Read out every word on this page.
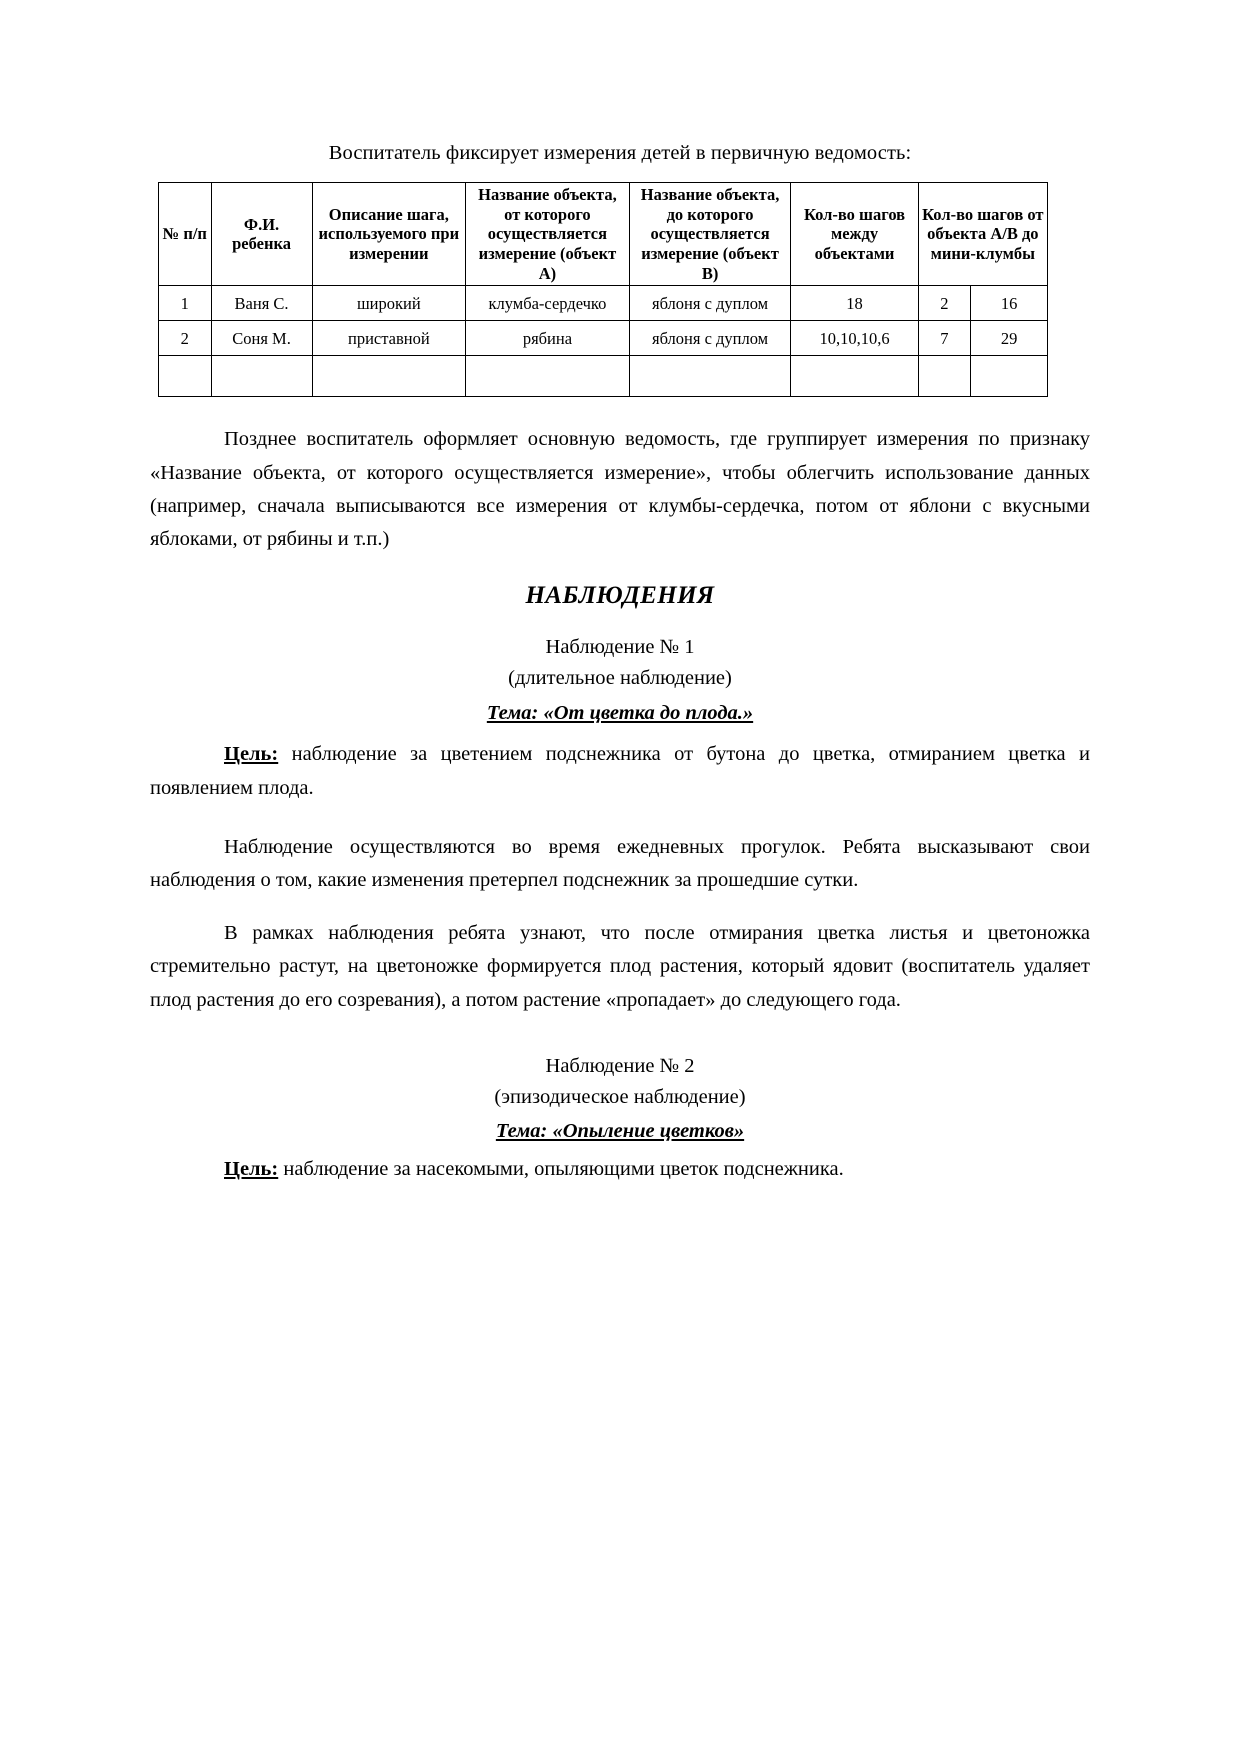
Воспитатель фиксирует измерения детей в первичную ведомость:

№ п/п	Ф.И. ребенка	Описание шага, используемого при измерении	Название объекта, от которого осуществляется измерение (объект А)	Название объекта, до которого осуществляется измерение (объект В)	Кол-во шагов между объектами	Кол-во шагов от объекта А/В до мини-клумбы	
1	Ваня С.	широкий	клумба-сердечко	яблоня с дуплом	18	2	16
2	Соня М.	приставной	рябина	яблоня с дуплом	10,10,10,6	7	29

Позднее воспитатель оформляет основную ведомость, где группирует измерения по признаку «Название объекта, от которого осуществляется измерение», чтобы облегчить использование данных (например, сначала выписываются все измерения от клумбы-сердечка, потом от яблони с вкусными яблоками, от рябины и т.п.)

НАБЛЮДЕНИЯ

Наблюдение № 1

(длительное наблюдение)

Тема: «От цветка до плода.»

Цель: наблюдение за цветением подснежника от бутона до цветка, отмиранием цветка и появлением плода.

Наблюдение осуществляются во время ежедневных прогулок. Ребята высказывают свои наблюдения о том, какие изменения претерпел подснежник за прошедшие сутки.

В рамках наблюдения ребята узнают, что после отмирания цветка листья и цветоножка стремительно растут, на цветоножке формируется плод растения, который ядовит (воспитатель удаляет плод растения до его созревания), а потом растение «пропадает» до следующего года.

Наблюдение № 2

(эпизодическое наблюдение)

Тема: «Опыление цветков»

Цель: наблюдение за насекомыми, опыляющими цветок подснежника.
